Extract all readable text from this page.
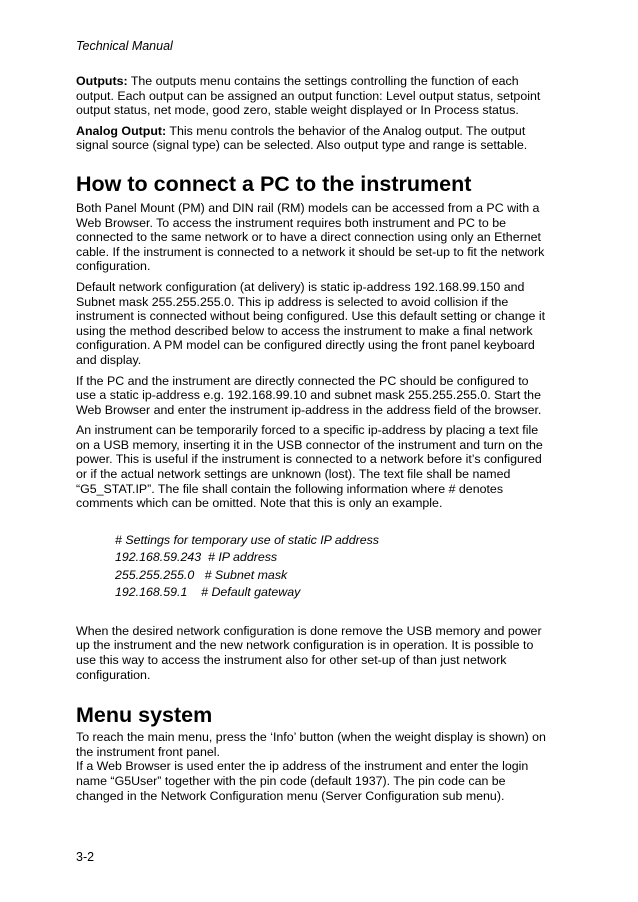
Technical Manual

Outputs: The outputs menu contains the settings controlling the function of each output. Each output can be assigned an output function: Level output status, setpoint output status, net mode, good zero, stable weight displayed or In Process status.

Analog Output: This menu controls the behavior of the Analog output. The output signal source (signal type) can be selected. Also output type and range is settable.

How to connect a PC to the instrument

Both Panel Mount (PM) and DIN rail (RM) models can be accessed from a PC with a Web Browser. To access the instrument requires both instrument and PC to be connected to the same network or to have a direct connection using only an Ethernet cable. If the instrument is connected to a network it should be set-up to fit the network configuration.

Default network configuration (at delivery) is static ip-address 192.168.99.150 and Subnet mask 255.255.255.0. This ip address is selected to avoid collision if the instrument is connected without being configured. Use this default setting or change it using the method described below to access the instrument to make a final network configuration. A PM model can be configured directly using the front panel keyboard and display.

If the PC and the instrument are directly connected the PC should be configured to use a static ip-address e.g. 192.168.99.10 and subnet mask 255.255.255.0. Start the Web Browser and enter the instrument ip-address in the address field of the browser.

An instrument can be temporarily forced to a specific ip-address by placing a text file on a USB memory, inserting it in the USB connector of the instrument and turn on the power. This is useful if the instrument is connected to a network before it’s configured or if the actual network settings are unknown (lost). The text file shall be named “G5_STAT.IP”. The file shall contain the following information where # denotes comments which can be omitted. Note that this is only an example.

# Settings for temporary use of static IP address
192.168.59.243  # IP address
255.255.255.0   # Subnet mask
192.168.59.1    # Default gateway

When the desired network configuration is done remove the USB memory and power up the instrument and the new network configuration is in operation. It is possible to use this way to access the instrument also for other set-up of than just network configuration.

Menu system

To reach the main menu, press the ‘Info’ button (when the weight display is shown) on the instrument front panel.

If a Web Browser is used enter the ip address of the instrument and enter the login name “G5User” together with the pin code (default 1937). The pin code can be changed in the Network Configuration menu (Server Configuration sub menu).

3-2
